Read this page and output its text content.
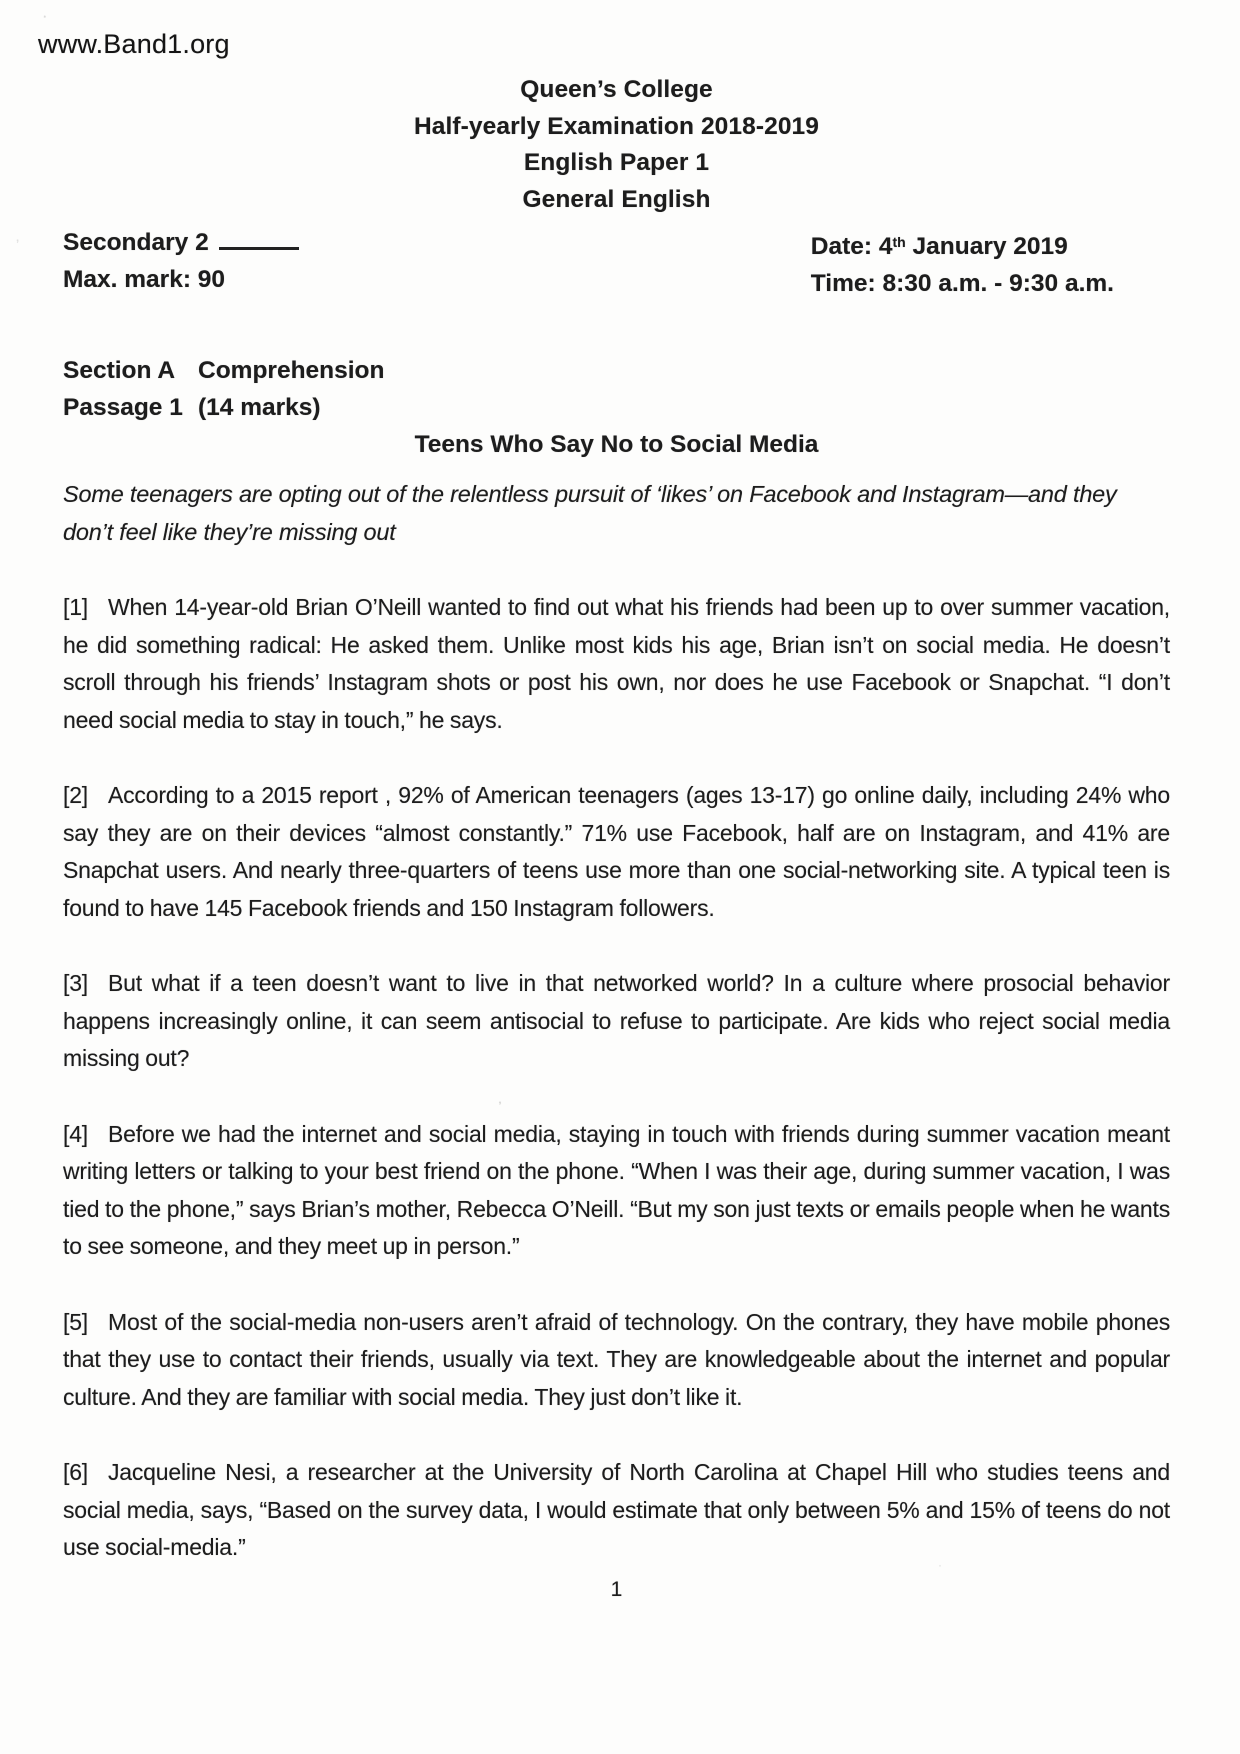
www.Band1.org
·
‚
·
Queen’s College
Half-yearly Examination 2018-2019
English Paper 1
General English
Secondary 2
Max. mark: 90
Date: 4th January 2019
Time: 8:30 a.m. - 9:30 a.m.
Section A Comprehension
Passage 1 (14 marks)
Teens Who Say No to Social Media
Some teenagers are opting out of the relentless pursuit of ‘likes’ on Facebook and Instagram—and they don’t feel like they’re missing out

[1] When 14-year-old Brian O’Neill wanted to find out what his friends had been up to over summer vacation, he did something radical: He asked them. Unlike most kids his age, Brian isn’t on social media. He doesn’t scroll through his friends’ Instagram shots or post his own, nor does he use Facebook or Snapchat. “I don’t need social media to stay in touch,” he says.

[2] According to a 2015 report , 92% of American teenagers (ages 13-17) go online daily, including 24% who say they are on their devices “almost constantly.” 71% use Facebook, half are on Instagram, and 41% are Snapchat users. And nearly three-quarters of teens use more than one social-networking site. A typical teen is found to have 145 Facebook friends and 150 Instagram followers.

[3] But what if a teen doesn’t want to live in that networked world? In a culture where prosocial behavior happens increasingly online, it can seem antisocial to refuse to participate. Are kids who reject social media missing out?

[4] Before we had the internet and social media, staying in touch with friends during summer vacation meant writing letters or talking to your best friend on the phone. “When I was their age, during summer vacation, I was tied to the phone,” says Brian’s mother, Rebecca O’Neill. “But my son just texts or emails people when he wants to see someone, and they meet up in person.”

[5] Most of the social-media non-users aren’t afraid of technology. On the contrary, they have mobile phones that they use to contact their friends, usually via text. They are knowledgeable about the internet and popular culture. And they are familiar with social media. They just don’t like it.

[6] Jacqueline Nesi, a researcher at the University of North Carolina at Chapel Hill who studies teens and social media, says, “Based on the survey data, I would estimate that only between 5% and 15% of teens do not use social-media.”

1
